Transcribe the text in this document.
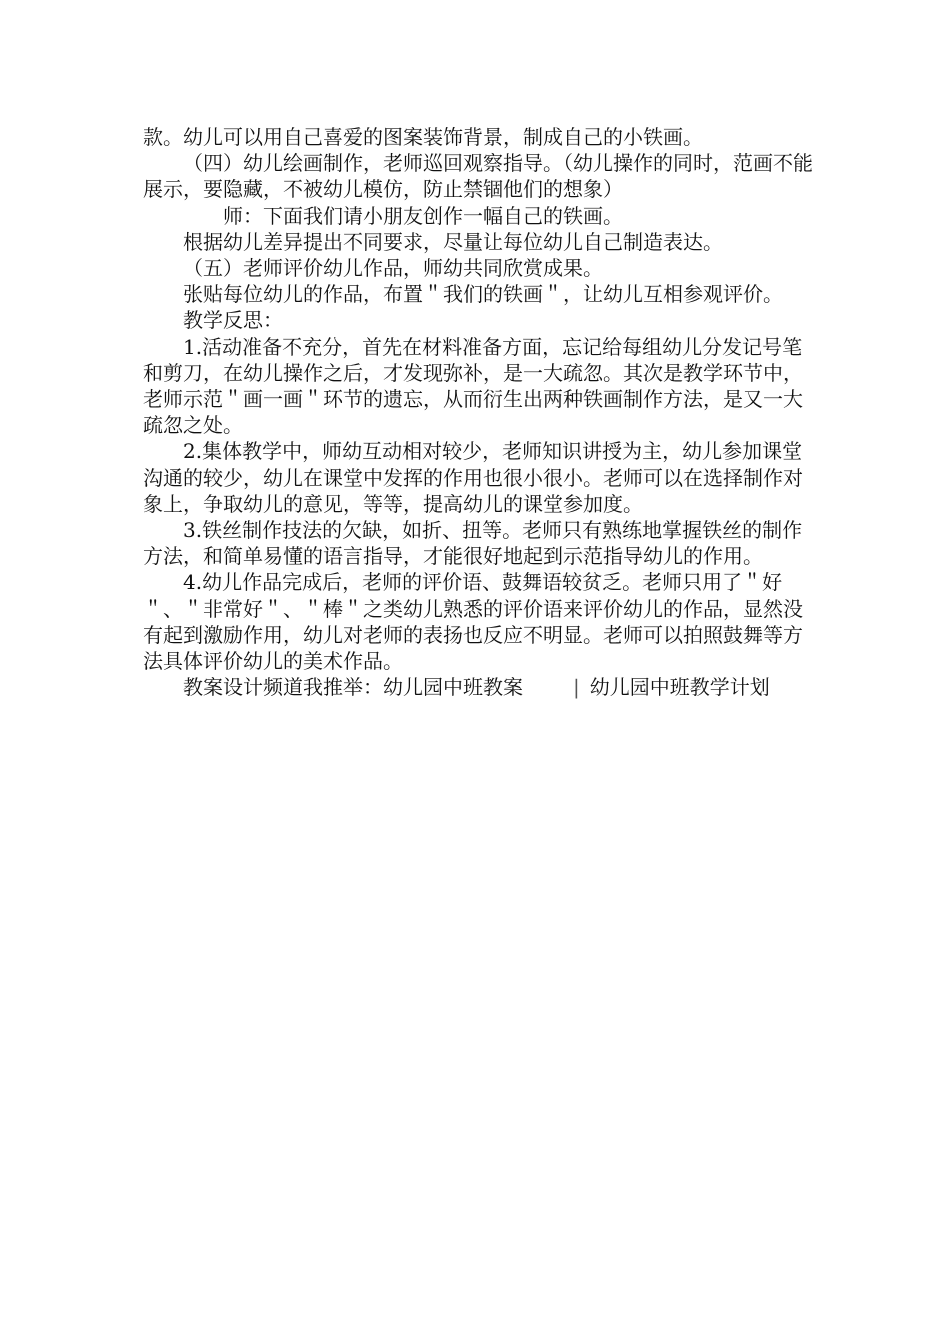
款。幼儿可以用自己喜爱的图案装饰背景，制成自己的小铁画。

（四）幼儿绘画制作，老师巡回观察指导。（幼儿操作的同时，范画不能展示，要隐藏，不被幼儿模仿，防止禁锢他们的想象）

师：下面我们请小朋友创作一幅自己的铁画。

根据幼儿差异提出不同要求，尽量让每位幼儿自己制造表达。

（五）老师评价幼儿作品，师幼共同欣赏成果。

张贴每位幼儿的作品，布置＂我们的铁画＂，让幼儿互相参观评价。

教学反思：

1.活动准备不充分，首先在材料准备方面，忘记给每组幼儿分发记号笔和剪刀，在幼儿操作之后，才发现弥补，是一大疏忽。其次是教学环节中，老师示范＂画一画＂环节的遗忘，从而衍生出两种铁画制作方法，是又一大疏忽之处。

2.集体教学中，师幼互动相对较少，老师知识讲授为主，幼儿参加课堂沟通的较少，幼儿在课堂中发挥的作用也很小很小。老师可以在选择制作对象上，争取幼儿的意见，等等，提高幼儿的课堂参加度。

3.铁丝制作技法的欠缺，如折、扭等。老师只有熟练地掌握铁丝的制作方法，和简单易懂的语言指导，才能很好地起到示范指导幼儿的作用。

4.幼儿作品完成后，老师的评价语、鼓舞语较贫乏。老师只用了＂好＂、＂非常好＂、＂棒＂之类幼儿熟悉的评价语来评价幼儿的作品，显然没有起到激励作用，幼儿对老师的表扬也反应不明显。老师可以拍照鼓舞等方法具体评价幼儿的美术作品。

教案设计频道我推举：幼儿园中班教案	| 幼儿园中班教学计划
